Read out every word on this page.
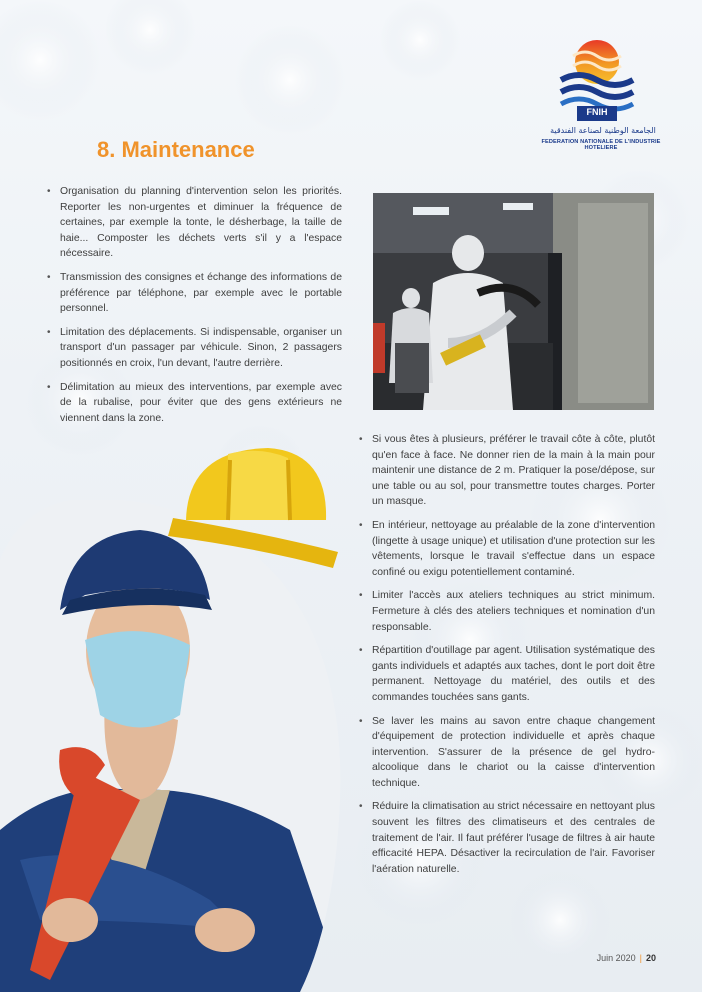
FNIH
الجامعة الوطنية لصناعة الفندقية
FEDERATION NATIONALE DE L'INDUSTRIE HOTELIERE
8. Maintenance
• Organisation du planning d'intervention selon les priorités. Reporter les non-urgentes et diminuer la fréquence de certaines, par exemple la tonte, le désherbage, la taille de haie... Composter les déchets verts s'il y a l'espace nécessaire.
• Transmission des consignes et échange des informations de préférence par téléphone, par exemple avec le portable personnel.
• Limitation des déplacements. Si indispensable, organiser un transport d'un passager par véhicule. Sinon, 2 passagers positionnés en croix, l'un devant, l'autre derrière.
• Délimitation au mieux des interventions, par exemple avec de la rubalise, pour éviter que des gens extérieurs ne viennent dans la zone.
• Si vous êtes à plusieurs, préférer le travail côte à côte, plutôt qu'en face à face. Ne donner rien de la main à la main pour maintenir une distance de 2 m. Pratiquer la pose/dépose, sur une table ou au sol, pour transmettre toutes charges. Porter un masque.
• En intérieur, nettoyage au préalable de la zone d'intervention (lingette à usage unique) et utilisation d'une protection sur les vêtements, lorsque le travail s'effectue dans un espace confiné ou exigu potentiellement contaminé.
• Limiter l'accès aux ateliers techniques au strict minimum. Fermeture à clés des ateliers techniques et nomination d'un responsable.
• Répartition d'outillage par agent. Utilisation systématique des gants individuels et adaptés aux taches, dont le port doit être permanent. Nettoyage du matériel, des outils et des commandes touchées sans gants.
• Se laver les mains au savon entre chaque changement d'équipement de protection individuelle et après chaque intervention. S'assurer de la présence de gel hydro-alcoolique dans le chariot ou la caisse d'intervention technique.
• Réduire la climatisation au strict nécessaire en nettoyant plus souvent les filtres des climatiseurs et des centrales de traitement de l'air. Il faut préférer l'usage de filtres à air haute efficacité HEPA. Désactiver la recirculation de l'air. Favoriser l'aération naturelle.
Juin 2020 | 20
